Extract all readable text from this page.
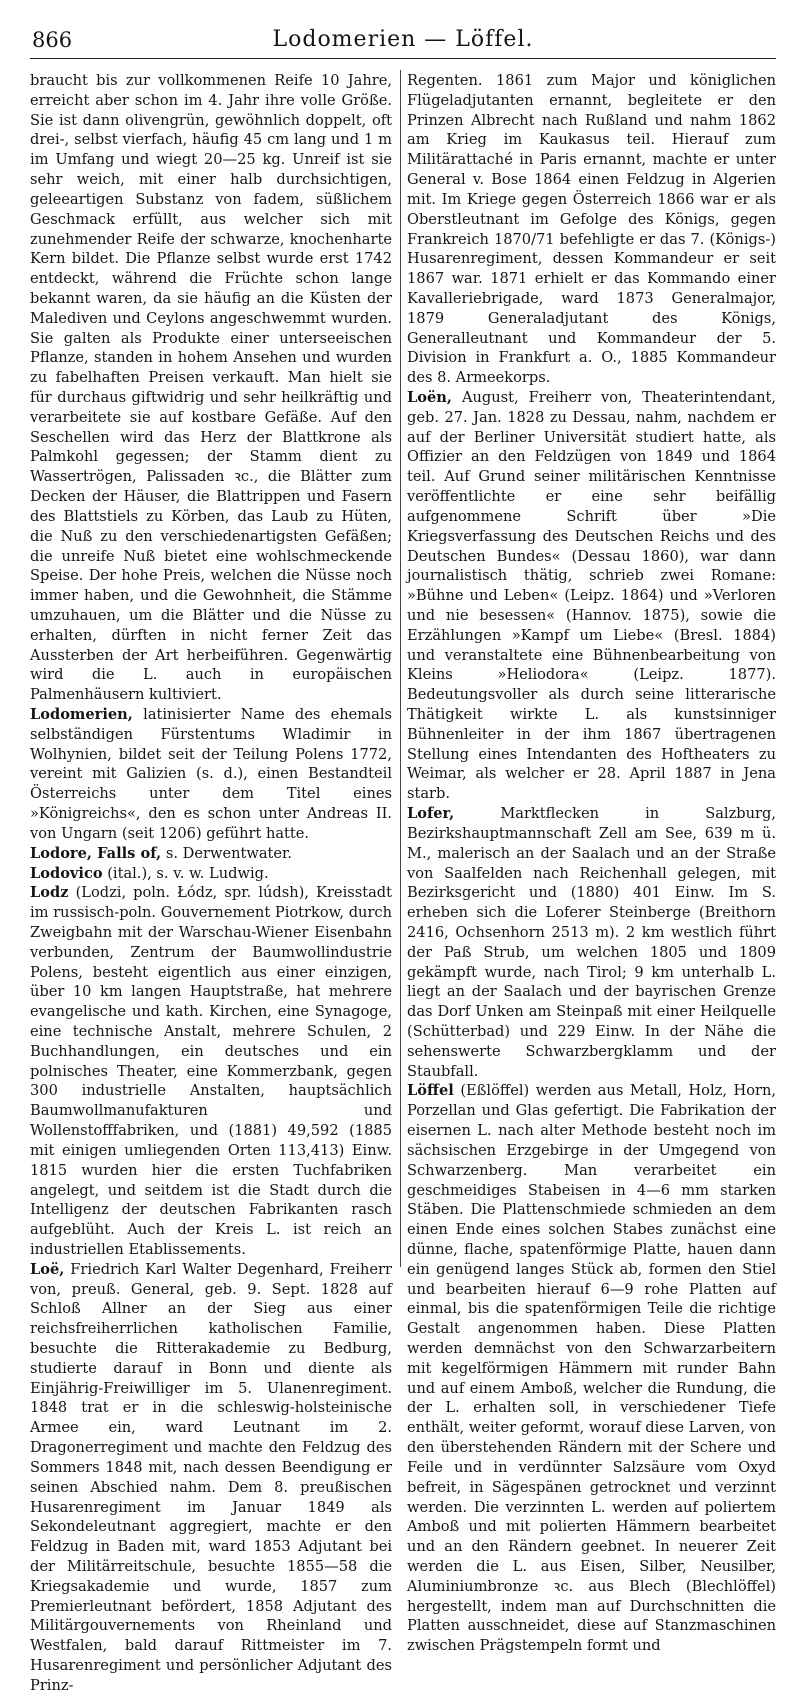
866	Lodomerien — Löffel.

braucht bis zur vollkommenen Reife 10 Jahre, erreicht aber schon im 4. Jahr ihre volle Größe. Sie ist dann olivengrün, gewöhnlich doppelt, oft drei-, selbst vierfach, häufig 45 cm lang und 1 m im Umfang und wiegt 20—25 kg. Unreif ist sie sehr weich, mit einer halb durchsichtigen, geleeartigen Substanz von fadem, süßlichem Geschmack erfüllt, aus welcher sich mit zunehmender Reife der schwarze, knochenharte Kern bildet. Die Pflanze selbst wurde erst 1742 entdeckt, während die Früchte schon lange bekannt waren, da sie häufig an die Küsten der Malediven und Ceylons angeschwemmt wurden. Sie galten als Produkte einer unterseeischen Pflanze, standen in hohem Ansehen und wurden zu fabelhaften Preisen verkauft. Man hielt sie für durchaus giftwidrig und sehr heilkräftig und verarbeitete sie auf kostbare Gefäße. Auf den Seschellen wird das Herz der Blattkrone als Palmkohl gegessen; der Stamm dient zu Wassertrögen, Palissaden ꝛc., die Blätter zum Decken der Häuser, die Blattrippen und Fasern des Blattstiels zu Körben, das Laub zu Hüten, die Nuß zu den verschiedenartigsten Gefäßen; die unreife Nuß bietet eine wohlschmeckende Speise. Der hohe Preis, welchen die Nüsse noch immer haben, und die Gewohnheit, die Stämme umzuhauen, um die Blätter und die Nüsse zu erhalten, dürften in nicht ferner Zeit das Aussterben der Art herbeiführen. Gegenwärtig wird die L. auch in europäischen Palmenhäusern kultiviert.

Lodomerien, latinisierter Name des ehemals selbständigen Fürstentums Wladimir in Wolhynien, bildet seit der Teilung Polens 1772, vereint mit Galizien (s. d.), einen Bestandteil Österreichs unter dem Titel eines »Königreichs«, den es schon unter Andreas II. von Ungarn (seit 1206) geführt hatte.

Lodore, Falls of, s. Derwentwater.

Lodovico (ital.), s. v. w. Ludwig.

Lodz (Lodzi, poln. Łódz, spr. lúdsh), Kreisstadt im russisch-poln. Gouvernement Piotrkow, durch Zweigbahn mit der Warschau-Wiener Eisenbahn verbunden, Zentrum der Baumwollindustrie Polens, besteht eigentlich aus einer einzigen, über 10 km langen Hauptstraße, hat mehrere evangelische und kath. Kirchen, eine Synagoge, eine technische Anstalt, mehrere Schulen, 2 Buchhandlungen, ein deutsches und ein polnisches Theater, eine Kommerzbank, gegen 300 industrielle Anstalten, hauptsächlich Baumwollmanufakturen und Wollenstofffabriken, und (1881) 49,592 (1885 mit einigen umliegenden Orten 113,413) Einw. 1815 wurden hier die ersten Tuchfabriken angelegt, und seitdem ist die Stadt durch die Intelligenz der deutschen Fabrikanten rasch aufgeblüht. Auch der Kreis L. ist reich an industriellen Etablissements.

Loë, Friedrich Karl Walter Degenhard, Freiherr von, preuß. General, geb. 9. Sept. 1828 auf Schloß Allner an der Sieg aus einer reichsfreiherrlichen katholischen Familie, besuchte die Ritterakademie zu Bedburg, studierte darauf in Bonn und diente als Einjährig-Freiwilliger im 5. Ulanenregiment. 1848 trat er in die schleswig-holsteinische Armee ein, ward Leutnant im 2. Dragonerregiment und machte den Feldzug des Sommers 1848 mit, nach dessen Beendigung er seinen Abschied nahm. Dem 8. preußischen Husarenregiment im Januar 1849 als Sekondeleutnant aggregiert, machte er den Feldzug in Baden mit, ward 1853 Adjutant bei der Militärreitschule, besuchte 1855—58 die Kriegsakademie und wurde, 1857 zum Premierleutnant befördert, 1858 Adjutant des Militärgouvernements von Rheinland und Westfalen, bald darauf Rittmeister im 7. Husarenregiment und persönlicher Adjutant des Prinz-

Regenten. 1861 zum Major und königlichen Flügeladjutanten ernannt, begleitete er den Prinzen Albrecht nach Rußland und nahm 1862 am Krieg im Kaukasus teil. Hierauf zum Militärattaché in Paris ernannt, machte er unter General v. Bose 1864 einen Feldzug in Algerien mit. Im Kriege gegen Österreich 1866 war er als Oberstleutnant im Gefolge des Königs, gegen Frankreich 1870/71 befehligte er das 7. (Königs-) Husarenregiment, dessen Kommandeur er seit 1867 war. 1871 erhielt er das Kommando einer Kavalleriebrigade, ward 1873 Generalmajor, 1879 Generaladjutant des Königs, Generalleutnant und Kommandeur der 5. Division in Frankfurt a. O., 1885 Kommandeur des 8. Armeekorps.

Loën, August, Freiherr von, Theaterintendant, geb. 27. Jan. 1828 zu Dessau, nahm, nachdem er auf der Berliner Universität studiert hatte, als Offizier an den Feldzügen von 1849 und 1864 teil. Auf Grund seiner militärischen Kenntnisse veröffentlichte er eine sehr beifällig aufgenommene Schrift über »Die Kriegsverfassung des Deutschen Reichs und des Deutschen Bundes« (Dessau 1860), war dann journalistisch thätig, schrieb zwei Romane: »Bühne und Leben« (Leipz. 1864) und »Verloren und nie besessen« (Hannov. 1875), sowie die Erzählungen »Kampf um Liebe« (Bresl. 1884) und veranstaltete eine Bühnenbearbeitung von Kleins »Heliodora« (Leipz. 1877). Bedeutungsvoller als durch seine litterarische Thätigkeit wirkte L. als kunstsinniger Bühnenleiter in der ihm 1867 übertragenen Stellung eines Intendanten des Hoftheaters zu Weimar, als welcher er 28. April 1887 in Jena starb.

Lofer, Marktflecken in Salzburg, Bezirkshauptmannschaft Zell am See, 639 m ü. M., malerisch an der Saalach und an der Straße von Saalfelden nach Reichenhall gelegen, mit Bezirksgericht und (1880) 401 Einw. Im S. erheben sich die Loferer Steinberge (Breithorn 2416, Ochsenhorn 2513 m). 2 km westlich führt der Paß Strub, um welchen 1805 und 1809 gekämpft wurde, nach Tirol; 9 km unterhalb L. liegt an der Saalach und der bayrischen Grenze das Dorf Unken am Steinpaß mit einer Heilquelle (Schütterbad) und 229 Einw. In der Nähe die sehenswerte Schwarzbergklamm und der Staubfall.

Löffel (Eßlöffel) werden aus Metall, Holz, Horn, Porzellan und Glas gefertigt. Die Fabrikation der eisernen L. nach alter Methode besteht noch im sächsischen Erzgebirge in der Umgegend von Schwarzenberg. Man verarbeitet ein geschmeidiges Stabeisen in 4—6 mm starken Stäben. Die Plattenschmiede schmieden an dem einen Ende eines solchen Stabes zunächst eine dünne, flache, spatenförmige Platte, hauen dann ein genügend langes Stück ab, formen den Stiel und bearbeiten hierauf 6—9 rohe Platten auf einmal, bis die spatenförmigen Teile die richtige Gestalt angenommen haben. Diese Platten werden demnächst von den Schwarzarbeitern mit kegelförmigen Hämmern mit runder Bahn und auf einem Amboß, welcher die Rundung, die der L. erhalten soll, in verschiedener Tiefe enthält, weiter geformt, worauf diese Larven, von den überstehenden Rändern mit der Schere und Feile und in verdünnter Salzsäure vom Oxyd befreit, in Sägespänen getrocknet und verzinnt werden. Die verzinnten L. werden auf poliertem Amboß und mit polierten Hämmern bearbeitet und an den Rändern geebnet. In neuerer Zeit werden die L. aus Eisen, Silber, Neusilber, Aluminiumbronze ꝛc. aus Blech (Blechlöffel) hergestellt, indem man auf Durchschnitten die Platten ausschneidet, diese auf Stanzmaschinen zwischen Prägstempeln formt und
